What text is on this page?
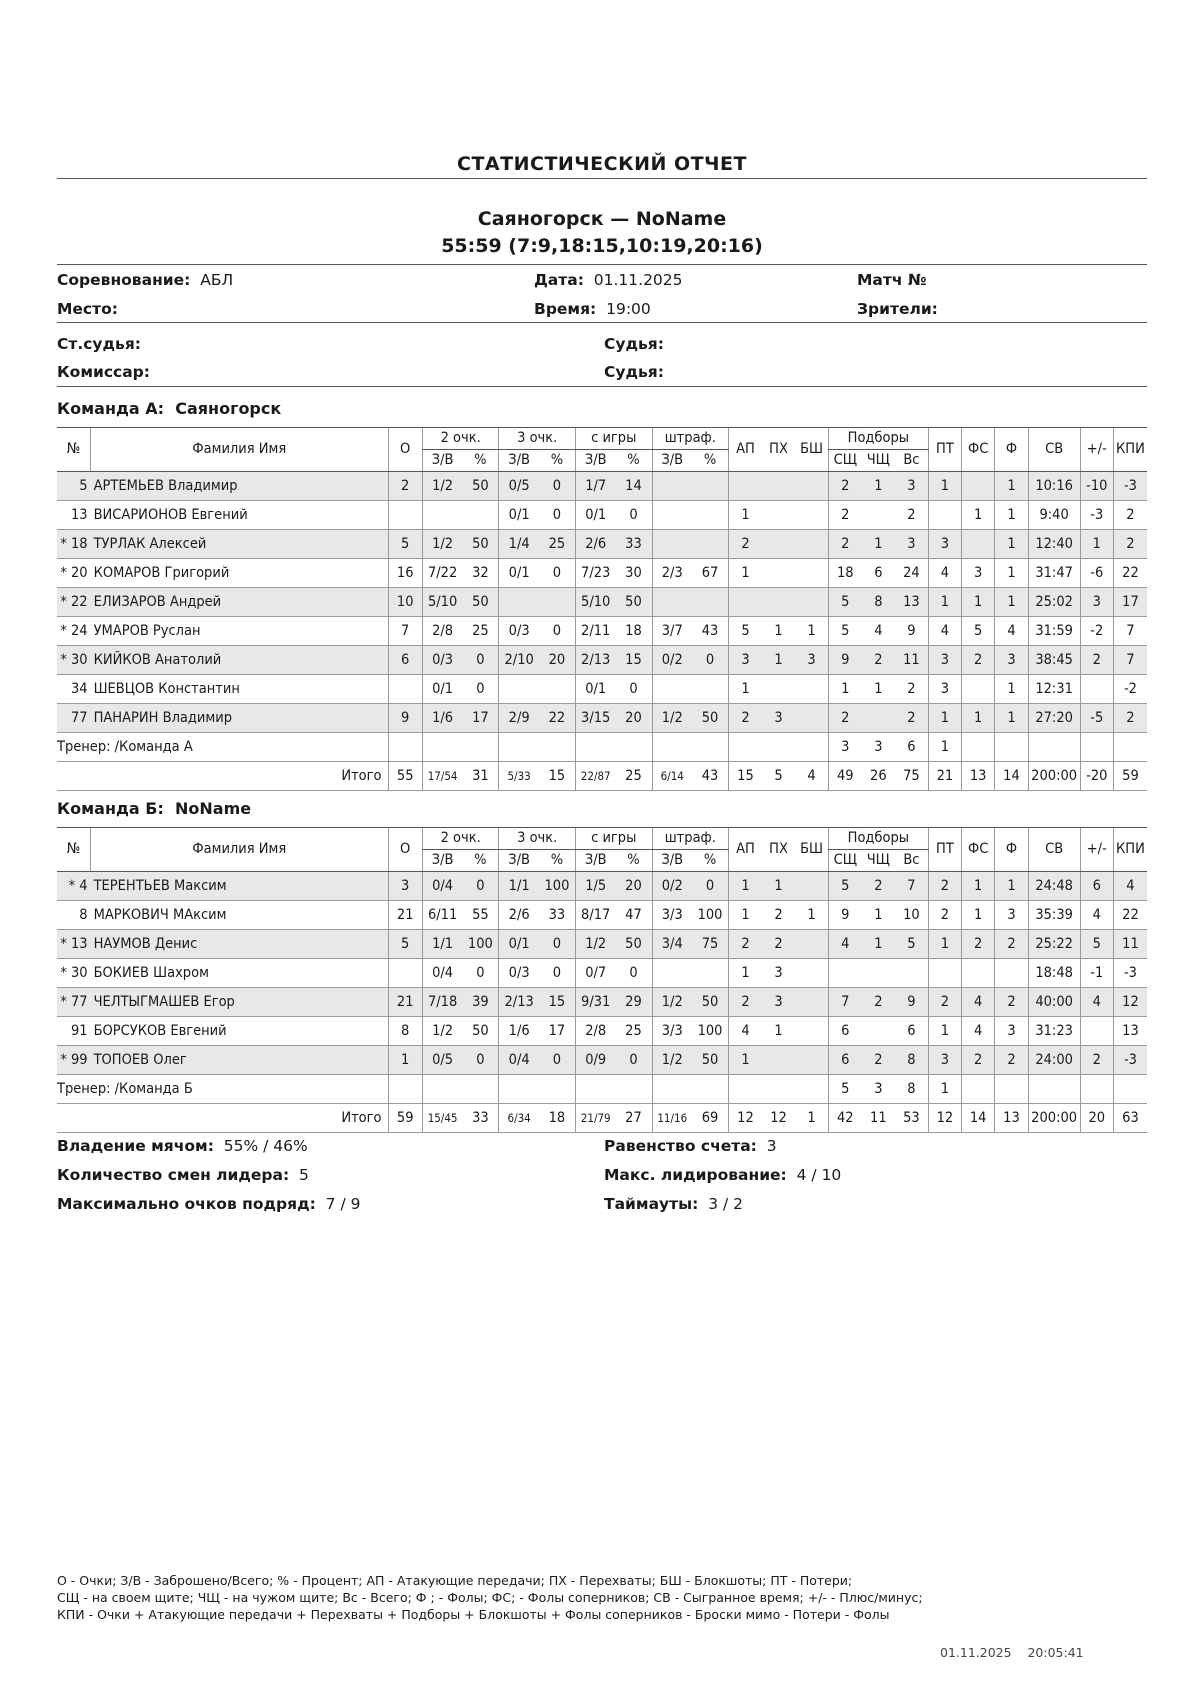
СТАТИСТИЧЕСКИЙ ОТЧЕТ
Саяногорск — NoName
55:59 (7:9,18:15,10:19,20:16)
Соревнование: АБЛ	Дата: 01.11.2025	Матч №
Место:	Время: 19:00	Зрители:
Ст.судья:	Судья:
Комиссар:	Судья:
Команда А: Саяногорск
№	Фамилия Имя	О	2 очк.		3 очк.		с игры		штраф.		АП	ПХ	БШ	Подборы			ПТ	ФС	Ф	СВ	+/-	КПИ
			З/В	%	З/В	%	З/В	%	З/В	%				СЩ	ЧЩ	Вс						
5	АРТЕМЬЕВ Владимир	2	1/2	50	0/5	0	1/7	14						2	1	3	1		1	10:16	-10	-3
13	ВИСАРИОНОВ Евгений				0/1	0	0/1	0			1			2		2		1	1	9:40	-3	2
* 18	ТУРЛАК Алексей	5	1/2	50	1/4	25	2/6	33			2			2	1	3	3		1	12:40	1	2
* 20	КОМАРОВ Григорий	16	7/22	32	0/1	0	7/23	30	2/3	67	1			18	6	24	4	3	1	31:47	-6	22
* 22	ЕЛИЗАРОВ Андрей	10	5/10	50			5/10	50						5	8	13	1	1	1	25:02	3	17
* 24	УМАРОВ Руслан	7	2/8	25	0/3	0	2/11	18	3/7	43	5	1	1	5	4	9	4	5	4	31:59	-2	7
* 30	КИЙКОВ Анатолий	6	0/3	0	2/10	20	2/13	15	0/2	0	3	1	3	9	2	11	3	2	3	38:45	2	7
34	ШЕВЦОВ Константин		0/1	0			0/1	0			1			1	1	2	3		1	12:31		-2
77	ПАНАРИН Владимир	9	1/6	17	2/9	22	3/15	20	1/2	50	2	3		2		2	1	1	1	27:20	-5	2
Тренер: /Команда А														3	3	6	1					
Итого		55	17/54	31	5/33	15	22/87	25	6/14	43	15	5	4	49	26	75	21	13	14	200:00	-20	59
Команда Б: NoName
№	Фамилия Имя	О	2 очк.		3 очк.		с игры		штраф.		АП	ПХ	БШ	Подборы			ПТ	ФС	Ф	СВ	+/-	КПИ
			З/В	%	З/В	%	З/В	%	З/В	%				СЩ	ЧЩ	Вс						
* 4	ТЕРЕНТЬЕВ Максим	3	0/4	0	1/1	100	1/5	20	0/2	0	1	1		5	2	7	2	1	1	24:48	6	4
8	МАРКОВИЧ МАксим	21	6/11	55	2/6	33	8/17	47	3/3	100	1	2	1	9	1	10	2	1	3	35:39	4	22
* 13	НАУМОВ Денис	5	1/1	100	0/1	0	1/2	50	3/4	75	2	2		4	1	5	1	2	2	25:22	5	11
* 30	БОКИЕВ Шахром		0/4	0	0/3	0	0/7	0			1	3								18:48	-1	-3
* 77	ЧЕЛТЫГМАШЕВ Егор	21	7/18	39	2/13	15	9/31	29	1/2	50	2	3		7	2	9	2	4	2	40:00	4	12
91	БОРСУКОВ Евгений	8	1/2	50	1/6	17	2/8	25	3/3	100	4	1		6		6	1	4	3	31:23		13
* 99	ТОПОЕВ Олег	1	0/5	0	0/4	0	0/9	0	1/2	50	1			6	2	8	3	2	2	24:00	2	-3
Тренер: /Команда Б														5	3	8	1					
Итого		59	15/45	33	6/34	18	21/79	27	11/16	69	12	12	1	42	11	53	12	14	13	200:00	20	63
Владение мячом: 55% / 46%	Равенство счета: 3
Количество смен лидера: 5	Макс. лидирование: 4 / 10
Максимально очков подряд: 7 / 9	Таймауты: 3 / 2
О - Очки; З/В - Заброшено/Всего; % - Процент; АП - Атакующие передачи; ПХ - Перехваты; БШ - Блокшоты; ПТ - Потери;
СЩ - на своем щите; ЧЩ - на чужом щите; Вс - Всего; Ф ; - Фолы; ФС; - Фолы соперников; СВ - Сыгранное время; +/- - Плюс/минус;
КПИ - Очки + Атакующие передачи + Перехваты + Подборы + Блокшоты + Фолы соперников - Броски мимо - Потери - Фолы
01.11.2025 20:05:41
